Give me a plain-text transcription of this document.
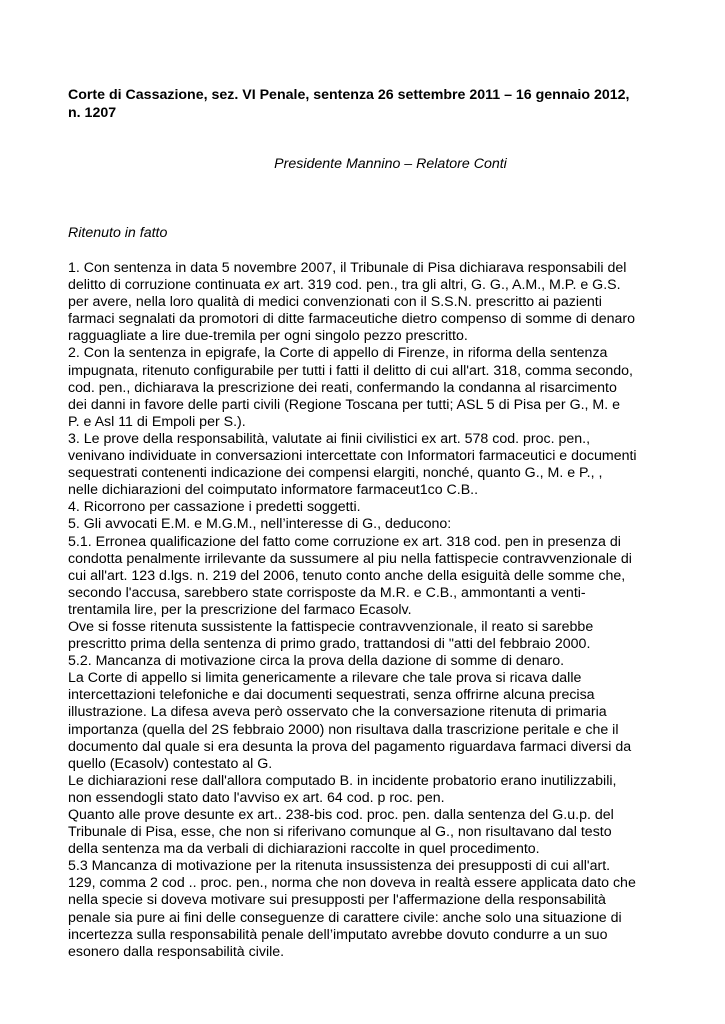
Corte di Cassazione, sez. VI Penale, sentenza 26 settembre 2011 – 16 gennaio 2012,
n. 1207

Presidente Mannino – Relatore Conti

Ritenuto in fatto

1. Con sentenza in data 5 novembre 2007, il Tribunale di Pisa dichiarava responsabili del
delitto di corruzione continuata ex art. 319 cod. pen., tra gli altri, G. G., A.M., M.P. e G.S.
per avere, nella loro qualità di medici convenzionati con il S.S.N. prescritto ai pazienti
farmaci segnalati da promotori di ditte farmaceutiche dietro compenso di somme di denaro
ragguagliate a lire due-tremila per ogni singolo pezzo prescritto.

2. Con la sentenza in epigrafe, la Corte di appello di Firenze, in riforma della sentenza
impugnata, ritenuto configurabile per tutti i fatti il delitto di cui all'art. 318, comma secondo,
cod. pen., dichiarava la prescrizione dei reati, confermando la condanna al risarcimento
dei danni in favore delle parti civili (Regione Toscana per tutti; ASL 5 di Pisa per G., M. e
P. e Asl 11 di Empoli per S.).

3. Le prove della responsabilità, valutate ai finii civilistici ex art. 578 cod. proc. pen.,
venivano individuate in conversazioni intercettate con Informatori farmaceutici e documenti
sequestrati contenenti indicazione dei compensi elargiti, nonché, quanto G., M. e P., ,
nelle dichiarazioni del coimputato informatore farmaceut1co C.B..

4. Ricorrono per cassazione i predetti soggetti.

5. Gli avvocati E.M. e M.G.M., nell’interesse di G., deducono:

5.1. Erronea qualificazione del fatto come corruzione ex art. 318 cod. pen in presenza di
condotta penalmente irrilevante da sussumere al piu nella fattispecie contravvenzionale di
cui all'art. 123 d.lgs. n. 219 del 2006, tenuto conto anche della esiguità delle somme che,
secondo l'accusa, sarebbero state corrisposte da M.R. e C.B., ammontanti a venti-
trentamila lire, per la prescrizione del farmaco Ecasolv.

Ove si fosse ritenuta sussistente la fattispecie contravvenzionale, il reato si sarebbe
prescritto prima della sentenza di primo grado, trattandosi di "atti del febbraio 2000.

5.2. Mancanza di motivazione circa la prova della dazione di somme di denaro.

La Corte di appello si limita genericamente a rilevare che tale prova si ricava dalle
intercettazioni telefoniche e dai documenti sequestrati, senza offrirne alcuna precisa
illustrazione. La difesa aveva però osservato che la conversazione ritenuta di primaria
importanza (quella del 2S febbraio 2000) non risultava dalla trascrizione peritale e che il
documento dal quale si era desunta la prova del pagamento riguardava farmaci diversi da
quello (Ecasolv) contestato al G.

Le dichiarazioni rese dall'allora computado B. in incidente probatorio erano inutilizzabili,
non essendogli stato dato l'avviso ex art. 64 cod. p roc. pen.

Quanto alle prove desunte ex art.. 238-bis cod. proc. pen. dalla sentenza del G.u.p. del
Tribunale di Pisa, esse, che non si riferivano comunque al G., non risultavano dal testo
della sentenza ma da verbali di dichiarazioni raccolte in quel procedimento.

5.3 Mancanza di motivazione per la ritenuta insussistenza dei presupposti di cui all'art.
129, comma 2 cod .. proc. pen., norma che non doveva in realtà essere applicata dato che
nella specie si doveva motivare sui presupposti per l'affermazione della responsabilità
penale sia pure ai fini delle conseguenze di carattere civile: anche solo una situazione di
incertezza sulla responsabilità penale dell’imputato avrebbe dovuto condurre a un suo
esonero dalla responsabilità civile.
